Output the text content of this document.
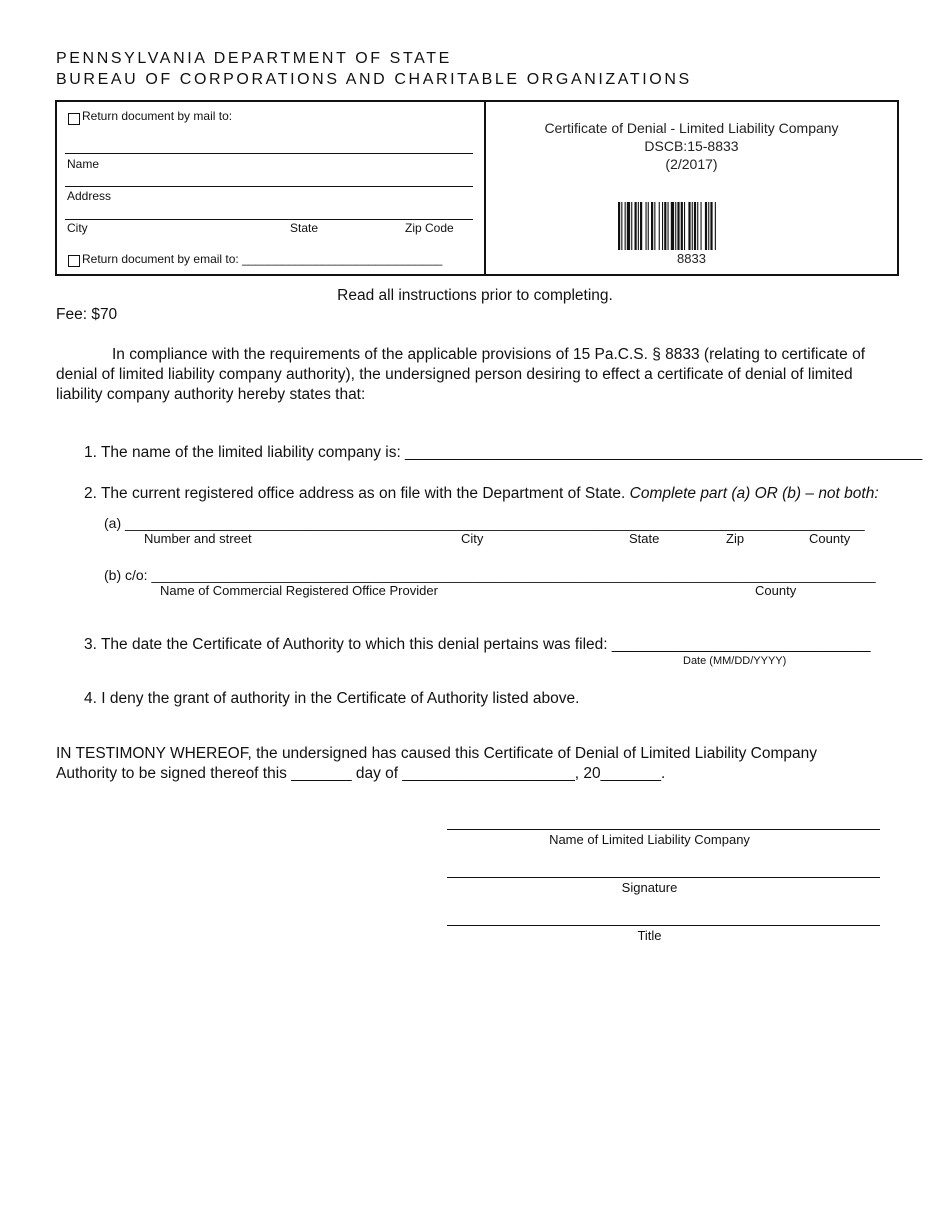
PENNSYLVANIA DEPARTMENT OF STATE
BUREAU OF CORPORATIONS AND CHARITABLE ORGANIZATIONS
Return document by mail to:
Name
Address
City	State	Zip Code
Return document by email to: ______________________________
Certificate of Denial - Limited Liability Company
DSCB:15-8833
(2/2017)
8833
Read all instructions prior to completing.
Fee: $70
In compliance with the requirements of the applicable provisions of 15 Pa.C.S. § 8833 (relating to certificate of denial of limited liability company authority), the undersigned person desiring to effect a certificate of denial of limited liability company authority hereby states that:
1. The name of the limited liability company is: ____________________________________________________________
2. The current registered office address as on file with the Department of State. Complete part (a) OR (b) – not both:
(a) _______________________________________________________________________________________________
Number and street	City	State	Zip	County
(b) c/o: _____________________________________________________________________________________________
Name of Commercial Registered Office Provider	County
3. The date the Certificate of Authority to which this denial pertains was filed: ______________________________
Date (MM/DD/YYYY)
4. I deny the grant of authority in the Certificate of Authority listed above.
IN TESTIMONY WHEREOF, the undersigned has caused this Certificate of Denial of Limited Liability Company
Authority to be signed thereof this _______ day of ____________________, 20_______.
Name of Limited Liability Company
Signature
Title
